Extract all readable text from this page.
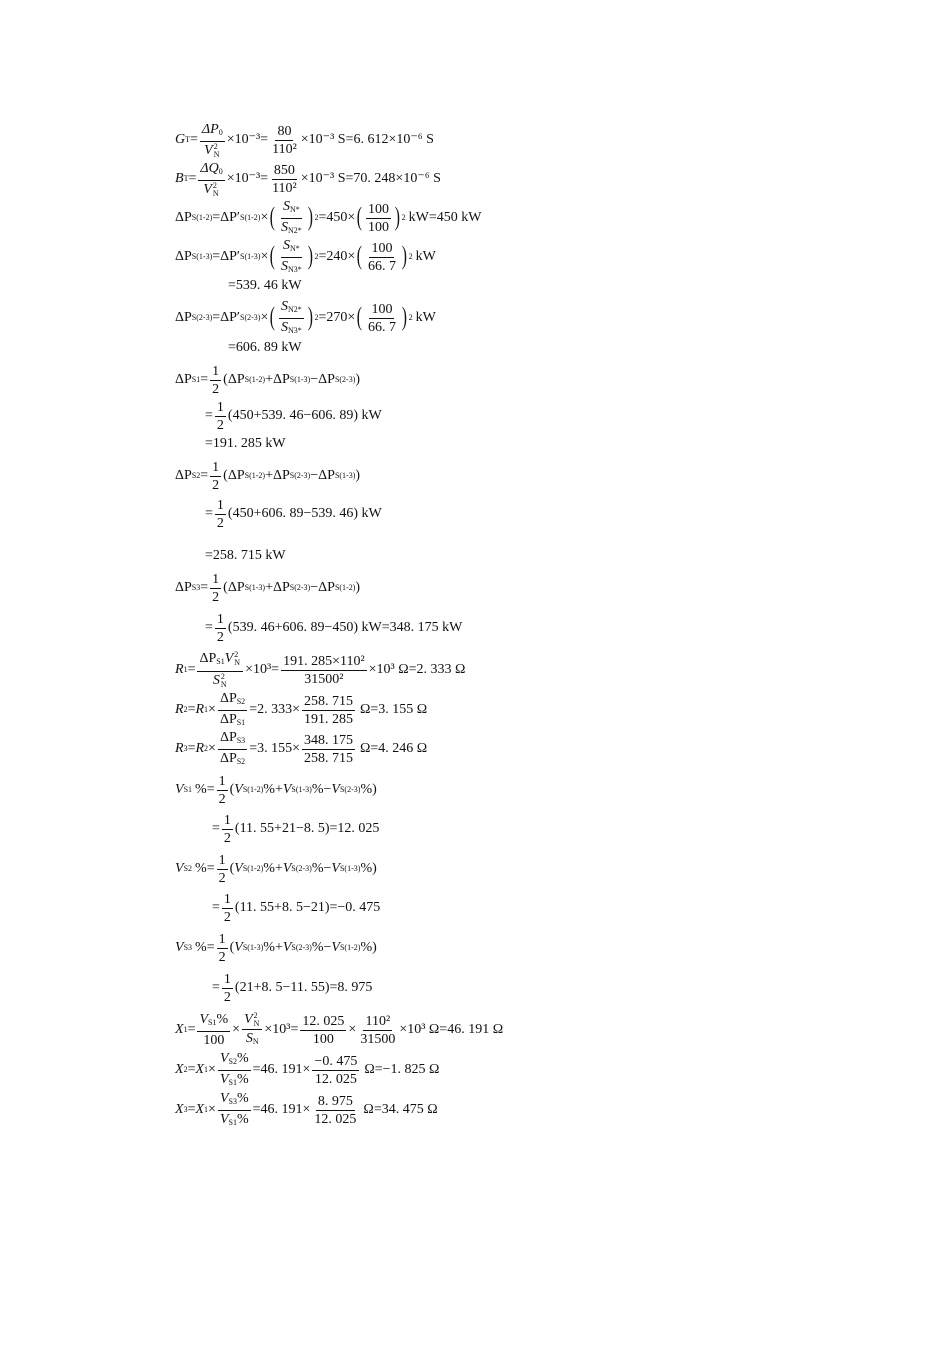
G $T = \Delta P_0$
V 2
$N \times 10^{-3}= \frac{80}{\text{110²}} \times 10^{-3}$ S=6. 612×10⁻⁶ S
B $T = \Delta Q_0$
V 2
$N \times 10^{-3}= \frac{850}{\text{110²}} \times 10^{-3}$ S=70. 248×10⁻⁶ S
ΔP S(1-2) =ΔP′ S(1-2) × ( $\frac{S_{N*}}{S_{N2*}}$ ) 2 =450× ( $\frac{100}{100}$ ) 2 kW=450 kW
ΔP S(1-3) =ΔP′ S(1-3) × ( $\frac{S_{N*}}{S_{N3*}}$ ) 2 =240× ( $\frac{100}{66. 7}$ ) 2 kW
=539. 46 kW
ΔP S(2-3) =ΔP′ S(2-3) × ( $\frac{S_{N2*}}{S_{N3*}}$ ) 2 =270× ( $\frac{100}{66. 7}$ ) 2 kW
=606. 89 kW
ΔP $S1 = \frac{1}{2}$ ( ΔP S(1-2) + ΔP S(1-3) − ΔP S(2-3) )
= $\frac{1}{2} (450+539$. 46−606. 89) kW
=191. 285 kW
ΔP $S2 = \frac{1}{2}$ ( ΔP S(1-2) + ΔP S(2-3) − ΔP S(1-3) )
= $\frac{1}{2} (450+606$. 89−539. 46) kW
=258. 715 kW
ΔP $S3 = \frac{1}{2}$ ( ΔP S(1-3) + ΔP S(2-3) − ΔP S(1-2) )
= $\frac{1}{2} (539$. 46+606. 89−450) kW=348. 175 kW
R $1 = \Delta P_{S1}V$ 2
N
S 2
$N \times 10^3= \frac{\text{191. 285×110²}}{\text{31500²}} \times 10^3$ Ω=2. 333 Ω
R 2 = R $1 \times \frac{\Delta P_{S2}}{\Delta P_{S1}} =2$. $333\times \frac{258. 715}{191. 285} \Omega=3$. 155 Ω
R 3 = R $2 \times \frac{\Delta P_{S3}}{\Delta P_{S2}} =3$. $155\times \frac{348. 175}{258. 715} \Omega=4$. 246 Ω
V S1 % = $\frac{1}{2}$ ( V S(1-2) %+ V S(1-3) %− V S(2-3) %)
= $\frac{1}{2} (11$. 55+21−8. 5)=12. 025
V S2 % = $\frac{1}{2}$ ( V S(1-2) %+ V S(2-3) %− V S(1-3) %)
= $\frac{1}{2} (11$. 55+8. 5−21)=−0. 475
V S3 % = $\frac{1}{2}$ ( V S(1-3) %+ V S(2-3) %− V S(1-2) %)
= $\frac{1}{2} (21+8$. 5−11. 55)=8. 975
X $1 = \frac{V_{S1}\%}{100} \times V$ 2
N
$S_N \times 10^3= \frac{12. 025}{100} \times \frac{\text{110²}}{31500} \times 10^3$ Ω=46. 191 Ω
X 2 = X $1 \times \frac{V_{S2}\%}{V_{S1}\%} =46$. $191\times \frac{-0. 475}{12. 025} \Omega=-1$. 825 Ω
X 3 = X $1 \times \frac{V_{S3}\%}{V_{S1}\%} =46$. $191\times \frac{8. 975}{12. 025} \Omega=34$. 475 Ω
